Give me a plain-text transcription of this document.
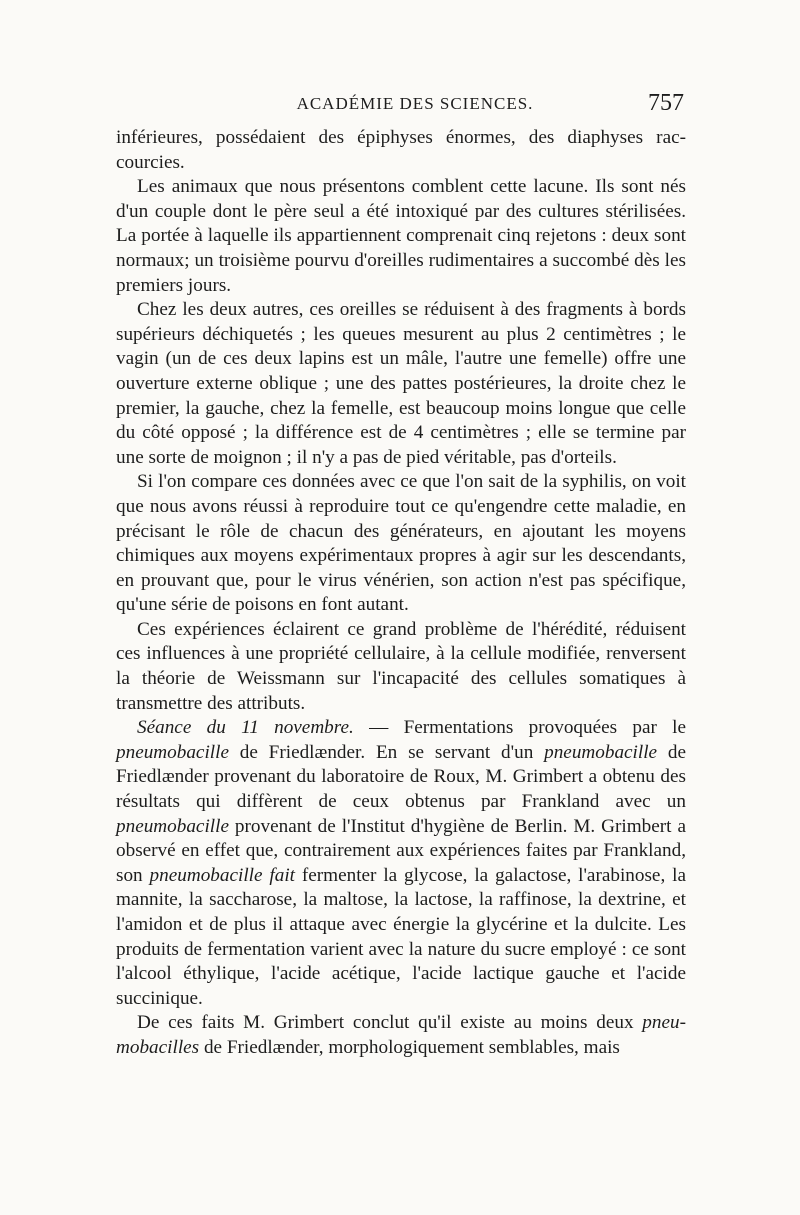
ACADÉMIE DES SCIENCES.	757

inférieures, possédaient des épiphyses énormes, des diaphyses raccourcies.

Les animaux que nous présentons comblent cette lacune. Ils sont nés d'un couple dont le père seul a été intoxiqué par des cultures stérilisées. La portée à laquelle ils appartiennent comprenait cinq rejetons : deux sont normaux; un troisième pourvu d'oreilles rudimentaires a succombé dès les premiers jours.

Chez les deux autres, ces oreilles se réduisent à des fragments à bords supérieurs déchiquetés ; les queues mesurent au plus 2 centimètres ; le vagin (un de ces deux lapins est un mâle, l'autre une femelle) offre une ouverture externe oblique ; une des pattes postérieures, la droite chez le premier, la gauche, chez la femelle, est beaucoup moins longue que celle du côté opposé ; la différence est de 4 centimètres ; elle se termine par une sorte de moignon ; il n'y a pas de pied véritable, pas d'orteils.

Si l'on compare ces données avec ce que l'on sait de la syphilis, on voit que nous avons réussi à reproduire tout ce qu'engendre cette maladie, en précisant le rôle de chacun des générateurs, en ajoutant les moyens chimiques aux moyens expérimentaux propres à agir sur les descendants, en prouvant que, pour le virus vénérien, son action n'est pas spécifique, qu'une série de poisons en font autant.

Ces expériences éclairent ce grand problème de l'hérédité, réduisent ces influences à une propriété cellulaire, à la cellule modifiée, renversent la théorie de Weissmann sur l'incapacité des cellules somatiques à transmettre des attributs.

Séance du 11 novembre. — Fermentations provoquées par le pneumobacille de Friedlænder. En se servant d'un pneumobacille de Friedlænder provenant du laboratoire de Roux, M. Grimbert a obtenu des résultats qui diffèrent de ceux obtenus par Frankland avec un pneumobacille provenant de l'Institut d'hygiène de Berlin. M. Grimbert a observé en effet que, contrairement aux expériences faites par Frankland, son pneumobacille fait fermenter la glycose, la galactose, l'arabinose, la mannite, la saccharose, la maltose, la lactose, la raffinose, la dextrine, et l'amidon et de plus il attaque avec énergie la glycérine et la dulcite. Les produits de fermentation varient avec la nature du sucre employé : ce sont l'alcool éthylique, l'acide acétique, l'acide lactique gauche et l'acide succinique.

De ces faits M. Grimbert conclut qu'il existe au moins deux pneumobacilles de Friedlænder, morphologiquement semblables, mais
